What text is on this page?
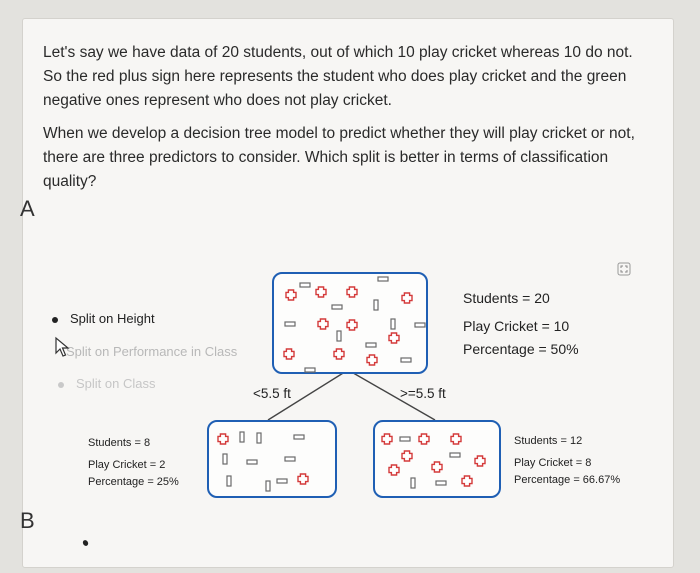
Let's say we have data of 20 students, out of which 10 play cricket whereas 10 do not. So the red plus sign here represents the student who does play cricket and the green negative ones represent who does not play cricket.

When we develop a decision tree model to predict whether they will play cricket or not, there are three predictors to consider. Which split is better in terms of classification quality?

A
B
Split on Height
Split on Performance in Class
Split on Class
Students = 20
Play Cricket = 10
Percentage = 50%
<5.5 ft	>=5.5 ft
Students = 8
Play Cricket = 2
Percentage = 25%
Students = 12
Play Cricket = 8
Percentage = 66.67%
